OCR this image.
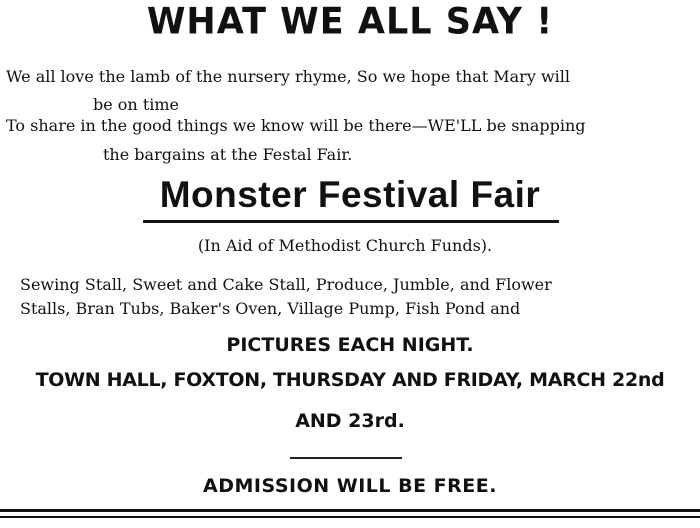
WHAT WE ALL SAY !
We all love the lamb of the nursery rhyme, So we hope that Mary will
be on time
To share in the good things we know will be there—WE'LL be snapping
the bargains at the Festal Fair.
Monster Festival Fair
(In Aid of Methodist Church Funds).
Sewing Stall, Sweet and Cake Stall, Produce, Jumble, and Flower
Stalls, Bran Tubs, Baker's Oven, Village Pump, Fish Pond and
PICTURES EACH NIGHT.
TOWN HALL, FOXTON, THURSDAY AND FRIDAY, MARCH 22nd
AND 23rd.
ADMISSION WILL BE FREE.
